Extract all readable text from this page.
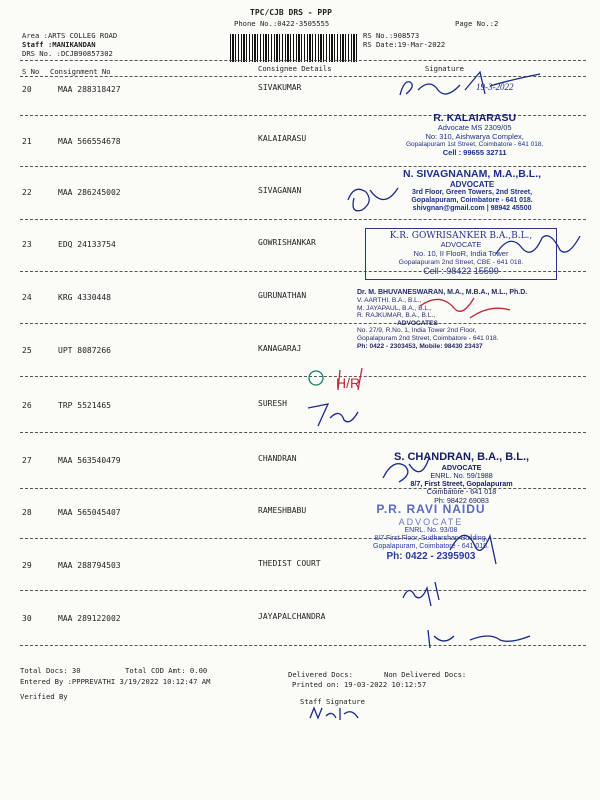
TPC/CJB DRS - PPP
Phone No.:0422-3505555	Page No.:2
Area :ARTS COLLEG ROAD
Staff :MANIKANDAN
DRS No. :DCJB90857302
RS No.:908573
RS Date:19-Mar-2022
S No Consignment No	Consignee Details	Signature
20	MAA 288318427	SIVAKUMAR
21	MAA 566554678	KALAIARASU
22	MAA 286245002	SIVAGANAN
23	EDQ 24133754	GOWRISHANKAR
24	KRG 4330448	GURUNATHAN
25	UPT 8087266	KANAGARAJ
26	TRP 5521465	SURESH
27	MAA 563540479	CHANDRAN
28	MAA 565045407	RAMESHBABU
29	MAA 288794503	THEDIST COURT
30	MAA 289122002	JAYAPALCHANDRA
R. KALAIARASU
Advocate MS 2309/05
No: 310, Aishwarya Complex,
Gopalapuram 1st Street, Coimbatore - 641 018.
Cell : 99655 32711
N. SIVAGNANAM, M.A.,B.L.,
ADVOCATE
3rd Floor, Green Towers, 2nd Street,
Gopalapuram, Coimbatore - 641 018.
shivgnan@gmail.com | 98942 45500
K.R. GOWRISANKER B.A.,B.L.,
ADVOCATE
No. 10, II FlooR, India Tower
Gopalapuram 2nd Street, CBE - 641 018.
Cell : 98422 15599
Dr. M. BHUVANESWARAN, M.A., M.B.A., M.L., Ph.D.
V. AARTHI, B.A., B.L.,
M. JAYAPAUL, B.A., B.L.,
R. RAJKUMAR, B.A., B.L.,
ADVOCATES
No. 27/9, R.No. 1, India Tower 2nd Floor,
Gopalapuram 2nd Street, Coimbatore - 641 018.
Ph: 0422 - 2303453, Mobile: 98430 23437
S. CHANDRAN, B.A., B.L.,
ADVOCATE
ENRL. No. 59/1988
8/7, First Street, Gopalapuram
Coimbatore - 641 018
Ph: 98422 69083
P.R. RAVI NAIDU
ADVOCATE
ENRL. No. 93/08
8/7 First Floor, Sudharshan Building,
Gopalapuram, Coimbatore - 641 018.
Ph: 0422 - 2395903
19-3-2022
H/R
Total Docs: 30	Total COD Amt: 0.00	Delivered Docs:	Non Delivered Docs:
Entered By :PPPREVATHI 3/19/2022 10:12:47 AM	Printed on: 19-03-2022 10:12:57
Verified By
Staff Signature
